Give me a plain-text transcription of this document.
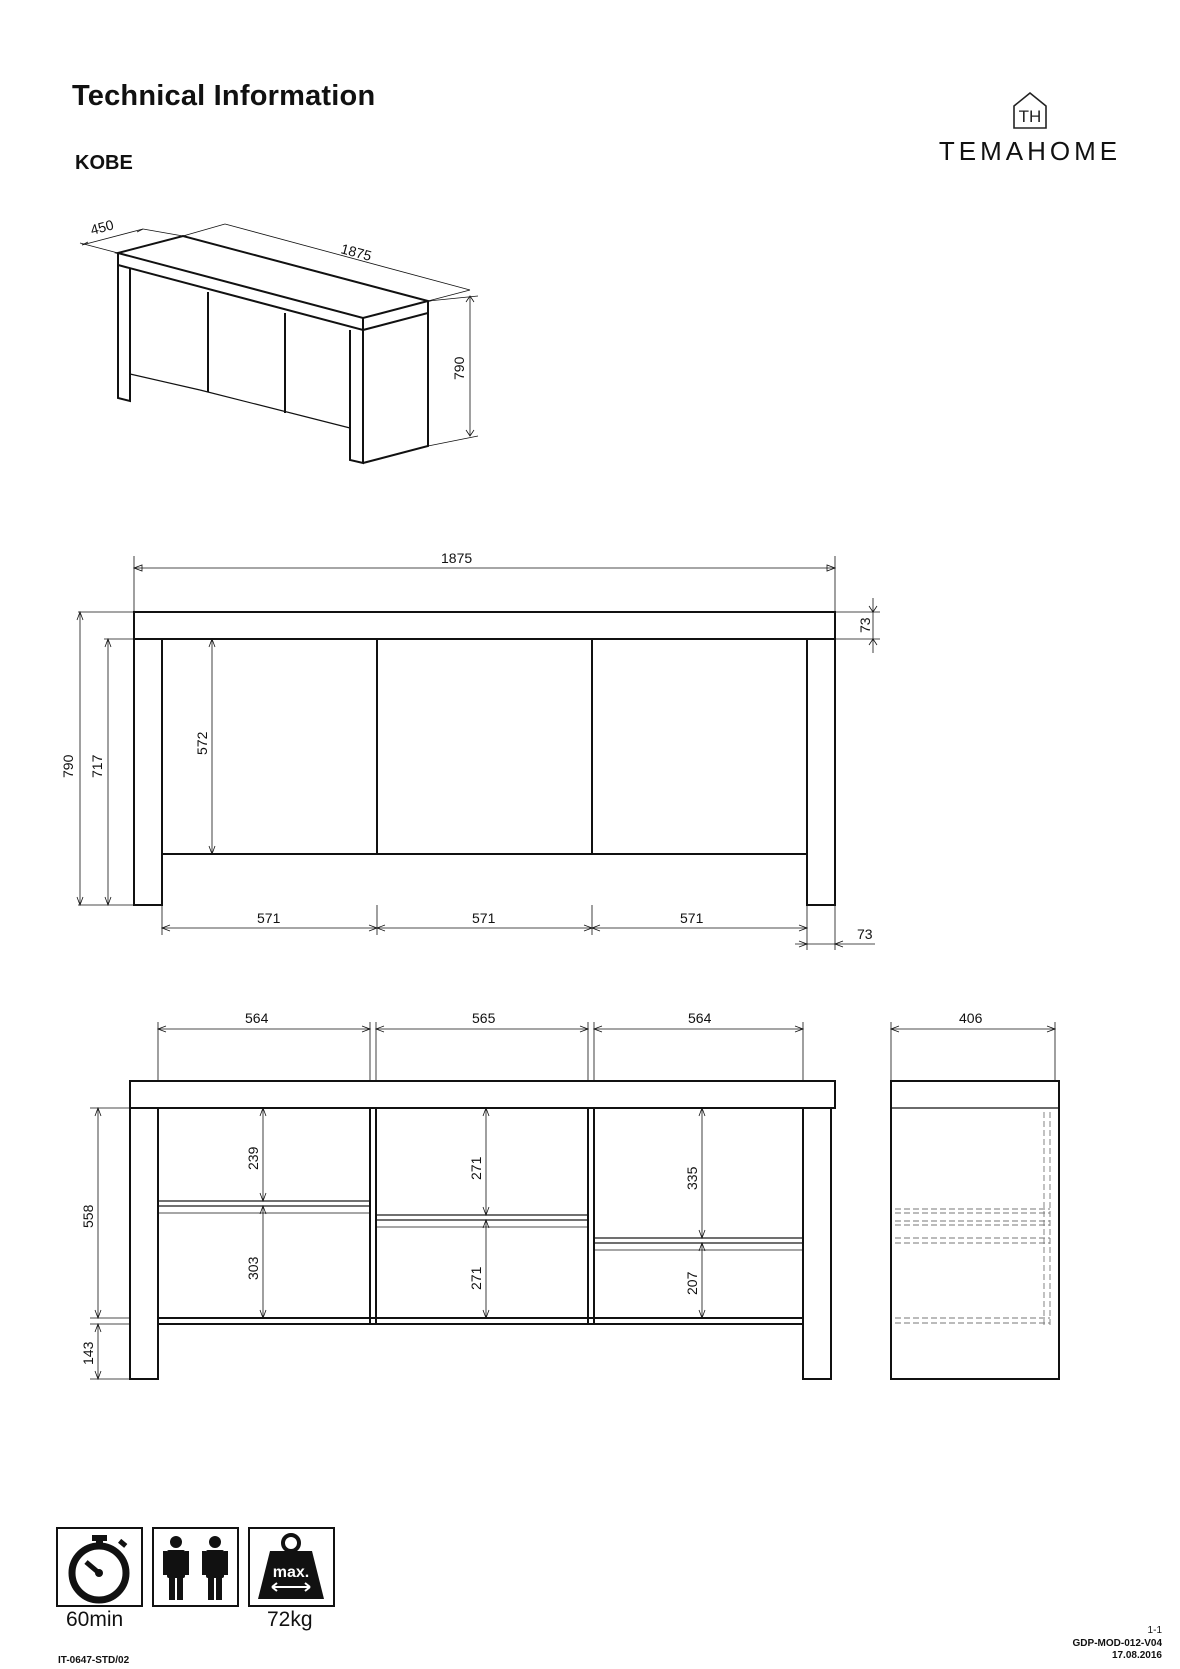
Technical Information
KOBE
TH
TEMAHOME
450
1875
790
1875
73
790 717
572
571	571	571
73
564	565	564
239
303
271
271
335
207
558
143
406
60min
max.
72kg
IT-0647-STD/02
1-1
GDP-MOD-012-V04
17.08.2016
